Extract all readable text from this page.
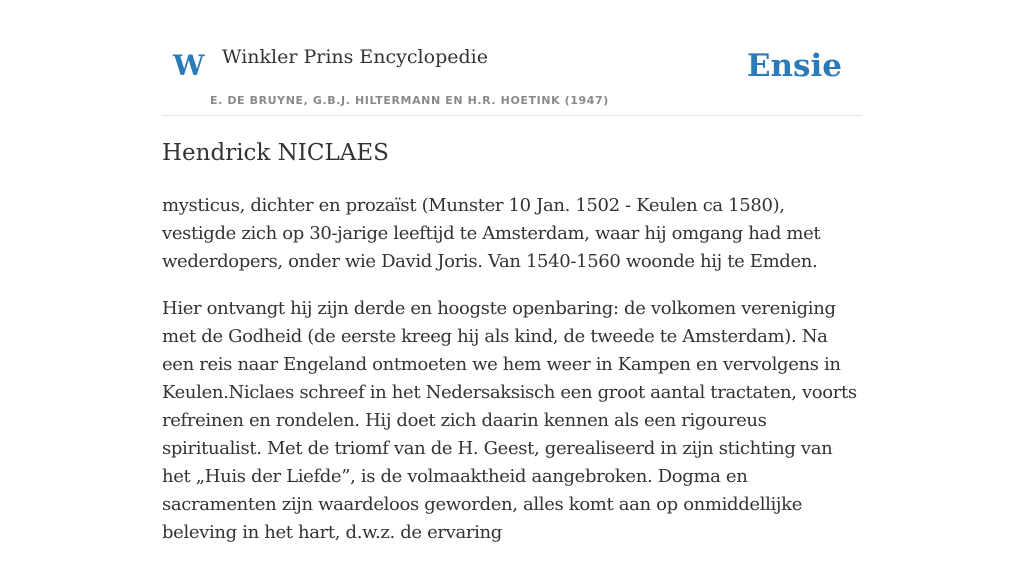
W Winkler Prins Encyclopedie
E. DE BRUYNE, G.B.J. HILTERMANN EN H.R. HOETINK (1947)
Ensie
Hendrick NICLAES

mysticus, dichter en prozaïst (Munster 10 Jan. 1502 - Keulen ca 1580), vestigde zich op 30-jarige leeftijd te Amsterdam, waar hij omgang had met wederdopers, onder wie David Joris. Van 1540-1560 woonde hij te Emden.

Hier ontvangt hij zijn derde en hoogste openbaring: de volkomen vereniging met de Godheid (de eerste kreeg hij als kind, de tweede te Amsterdam). Na een reis naar Engeland ontmoeten we hem weer in Kampen en vervolgens in Keulen.Niclaes schreef in het Nedersaksisch een groot aantal tractaten, voorts refreinen en rondelen. Hij doet zich daarin kennen als een rigoureus spiritualist. Met de triomf van de H. Geest, gerealiseerd in zijn stichting van het „Huis der Liefde”, is de volmaaktheid aangebroken. Dogma en sacramenten zijn waardeloos geworden, alles komt aan op onmiddellijke beleving in het hart, d.w.z. de ervaring
